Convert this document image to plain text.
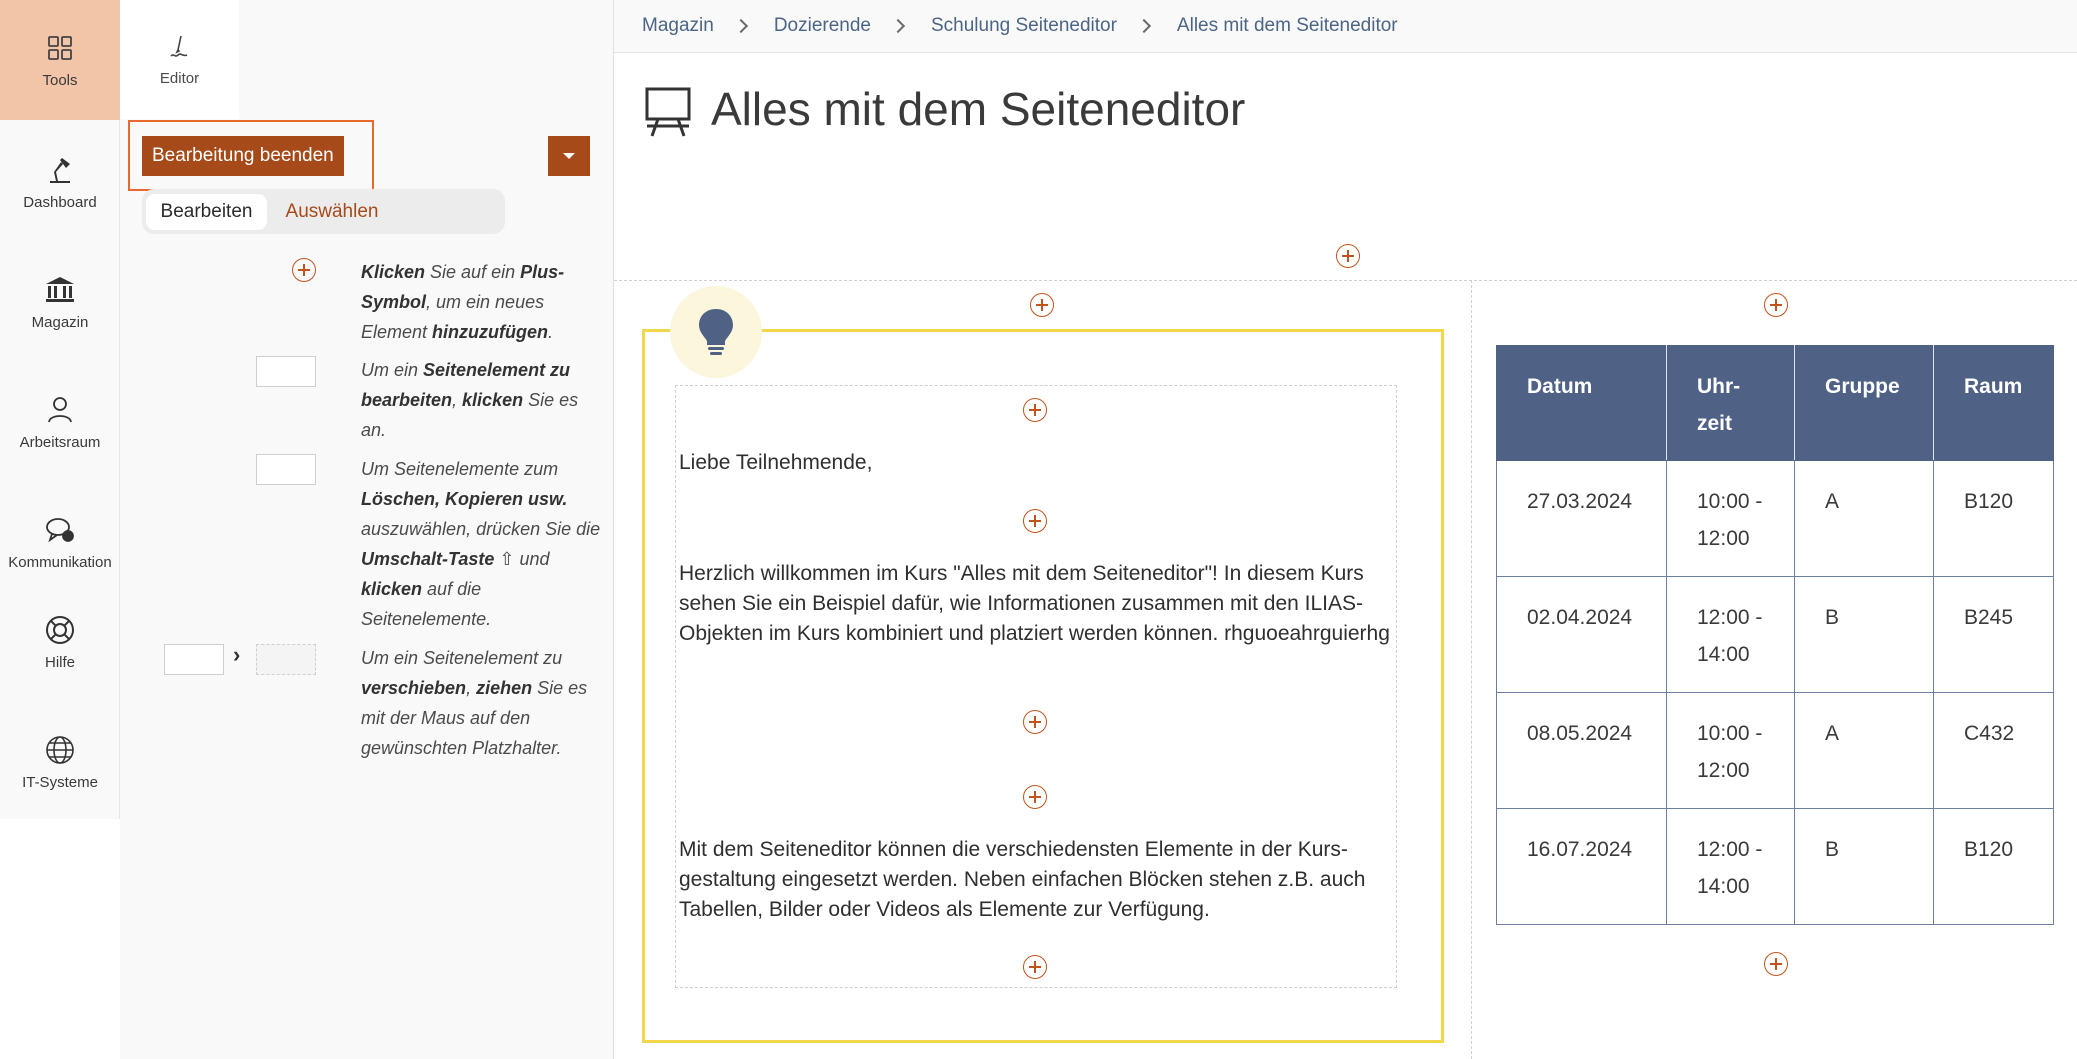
Tools
Dashboard
Magazin
Arbeitsraum
Kommunikation
Hilfe
IT-Systeme
Editor
Bearbeitung beenden
Bearbeiten	Auswählen

Klicken Sie auf ein Plus-Symbol, um ein neues Element hinzuzufügen.

Um ein Seitenelement zu bearbeiten, klicken Sie es an.

Um Seitenelemente zum Löschen, Kopieren usw. auszuwählen, drücken Sie die Umschalt-Taste ⇧ und klicken auf die Seitenelemente.

›	Um ein Seitenelement zu verschieben, ziehen Sie es mit der Maus auf den gewünschten Platzhalter.

Magazin	Dozierende	Schulung Seiteneditor	Alles mit dem Seiteneditor
Alles mit dem Seiteneditor

Liebe Teilnehmende,

Herzlich willkommen im Kurs "Alles mit dem Seiteneditor"! In diesem Kurs sehen Sie ein Beispiel dafür, wie Informationen zusammen mit den ILIAS-Objekten im Kurs kombiniert und platziert werden können. rhguoeahrguierhg

Mit dem Seiteneditor können die verschiedensten Elemente in der Kurs-gestaltung eingesetzt werden. Neben einfachen Blöcken stehen z.B. auch Tabellen, Bilder oder Videos als Elemente zur Verfügung.

Datum	Uhr-zeit	Gruppe	Raum
27.03.2024	10:00 - 12:00	A	B120
02.04.2024	12:00 - 14:00	B	B245
08.05.2024	10:00 - 12:00	A	C432
16.07.2024	12:00 - 14:00	B	B120
